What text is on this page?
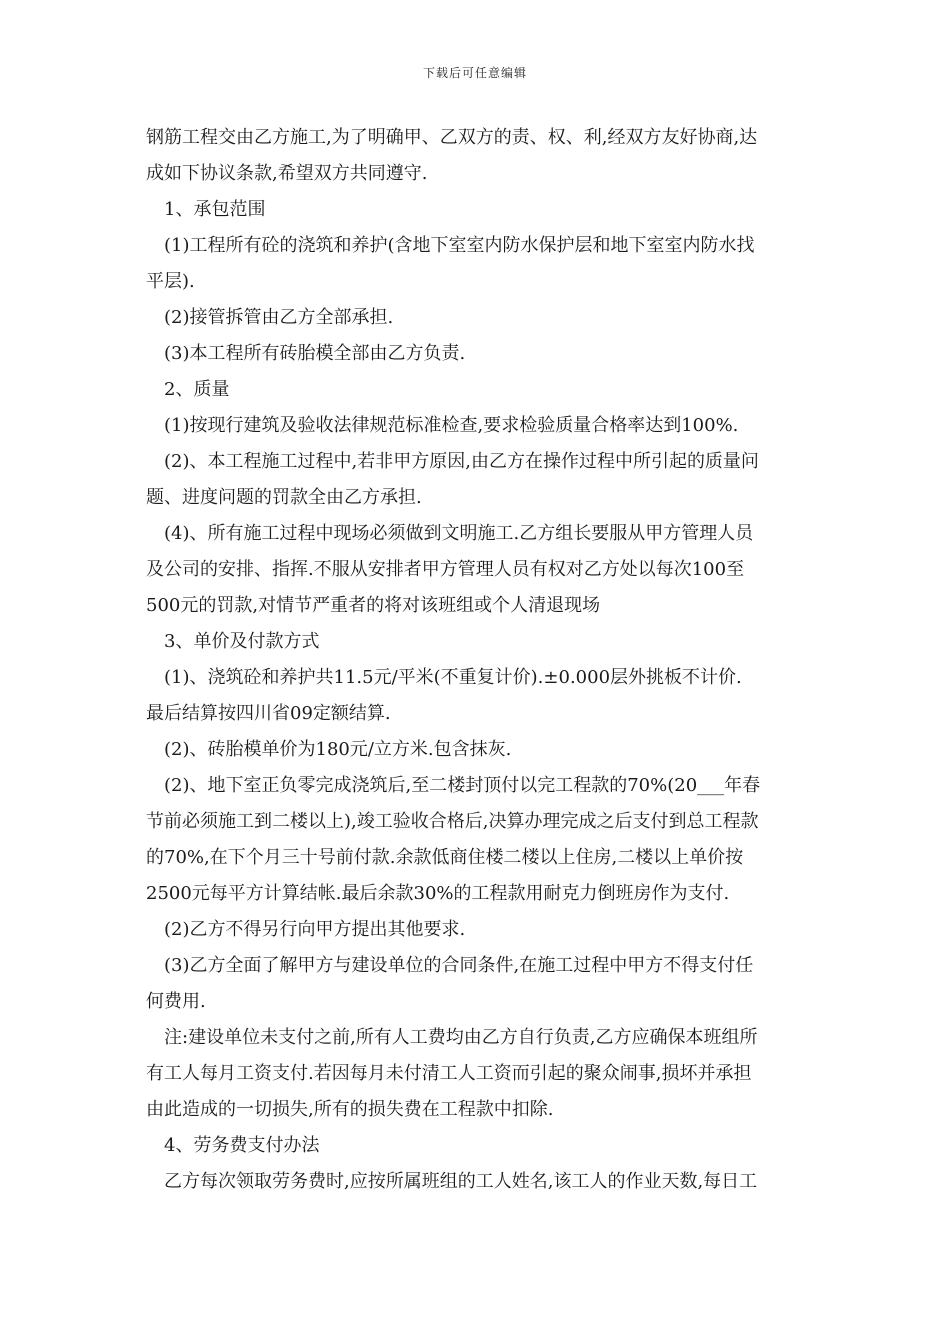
下载后可任意编辑
钢筋工程交由乙方施工,为了明确甲、乙双方的责、权、利,经双方友好协商,达
成如下协议条款,希望双方共同遵守.
1、承包范围
(1)工程所有砼的浇筑和养护(含地下室室内防水保护层和地下室室内防水找
平层).
(2)接管拆管由乙方全部承担.
(3)本工程所有砖胎模全部由乙方负责.
2、质量
(1)按现行建筑及验收法律规范标准检查,要求检验质量合格率达到100%.
(2)、本工程施工过程中,若非甲方原因,由乙方在操作过程中所引起的质量问
题、进度问题的罚款全由乙方承担.
(4)、所有施工过程中现场必须做到文明施工.乙方组长要服从甲方管理人员
及公司的安排、指挥.不服从安排者甲方管理人员有权对乙方处以每次100至
500元的罚款,对情节严重者的将对该班组或个人清退现场
3、单价及付款方式
(1)、浇筑砼和养护共11.5元/平米(不重复计价).±0.000层外挑板不计价.
最后结算按四川省09定额结算.
(2)、砖胎模单价为180元/立方米.包含抹灰.
(2)、地下室正负零完成浇筑后,至二楼封顶付以完工程款的70%(20___年春
节前必须施工到二楼以上),竣工验收合格后,决算办理完成之后支付到总工程款
的70%,在下个月三十号前付款.余款低商住楼二楼以上住房,二楼以上单价按
2500元每平方计算结帐.最后余款30%的工程款用耐克力倒班房作为支付.
(2)乙方不得另行向甲方提出其他要求.
(3)乙方全面了解甲方与建设单位的合同条件,在施工过程中甲方不得支付任
何费用.
注:建设单位未支付之前,所有人工费均由乙方自行负责,乙方应确保本班组所
有工人每月工资支付.若因每月未付清工人工资而引起的聚众闹事,损坏并承担
由此造成的一切损失,所有的损失费在工程款中扣除.
4、劳务费支付办法
乙方每次领取劳务费时,应按所属班组的工人姓名,该工人的作业天数,每日工
